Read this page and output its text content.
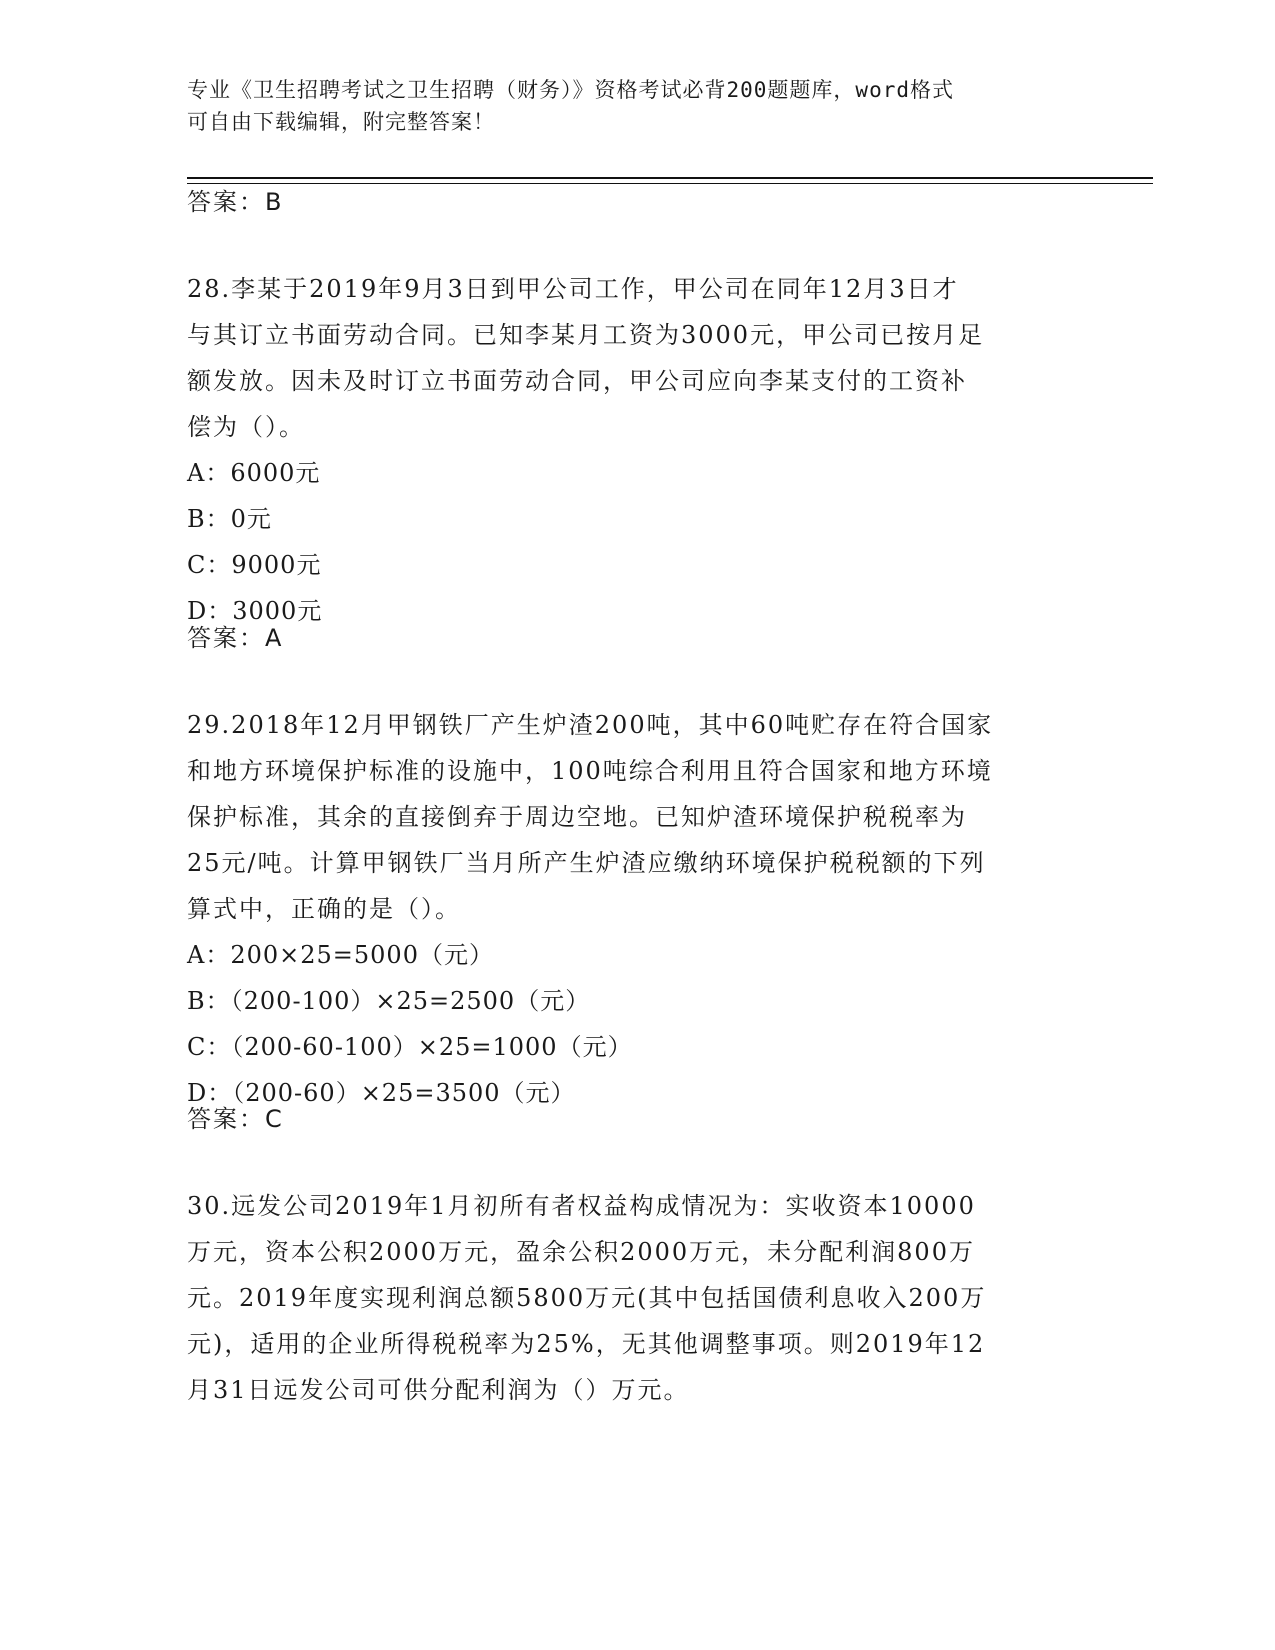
专业《卫生招聘考试之卫生招聘（财务）》资格考试必背200题题库，word格式
可自由下载编辑，附完整答案！
答案：B
28.李某于2019年9月3日到甲公司工作，甲公司在同年12月3日才
与其订立书面劳动合同。已知李某月工资为3000元，甲公司已按月足
额发放。因未及时订立书面劳动合同，甲公司应向李某支付的工资补
偿为（）。
A：6000元
B：0元
C：9000元
D：3000元
答案：A
29.2018年12月甲钢铁厂产生炉渣200吨，其中60吨贮存在符合国家
和地方环境保护标准的设施中，100吨综合利用且符合国家和地方环境
保护标准，其余的直接倒弃于周边空地。已知炉渣环境保护税税率为
25元/吨。计算甲钢铁厂当月所产生炉渣应缴纳环境保护税税额的下列
算式中，正确的是（）。
A：200×25=5000（元）
B：（200-100）×25=2500（元）
C：（200-60-100）×25=1000（元）
D：（200-60）×25=3500（元）
答案：C
30.远发公司2019年1月初所有者权益构成情况为：实收资本10000
万元，资本公积2000万元，盈余公积2000万元，未分配利润800万
元。2019年度实现利润总额5800万元(其中包括国债利息收入200万
元)，适用的企业所得税税率为25%，无其他调整事项。则2019年12
月31日远发公司可供分配利润为（）万元。
